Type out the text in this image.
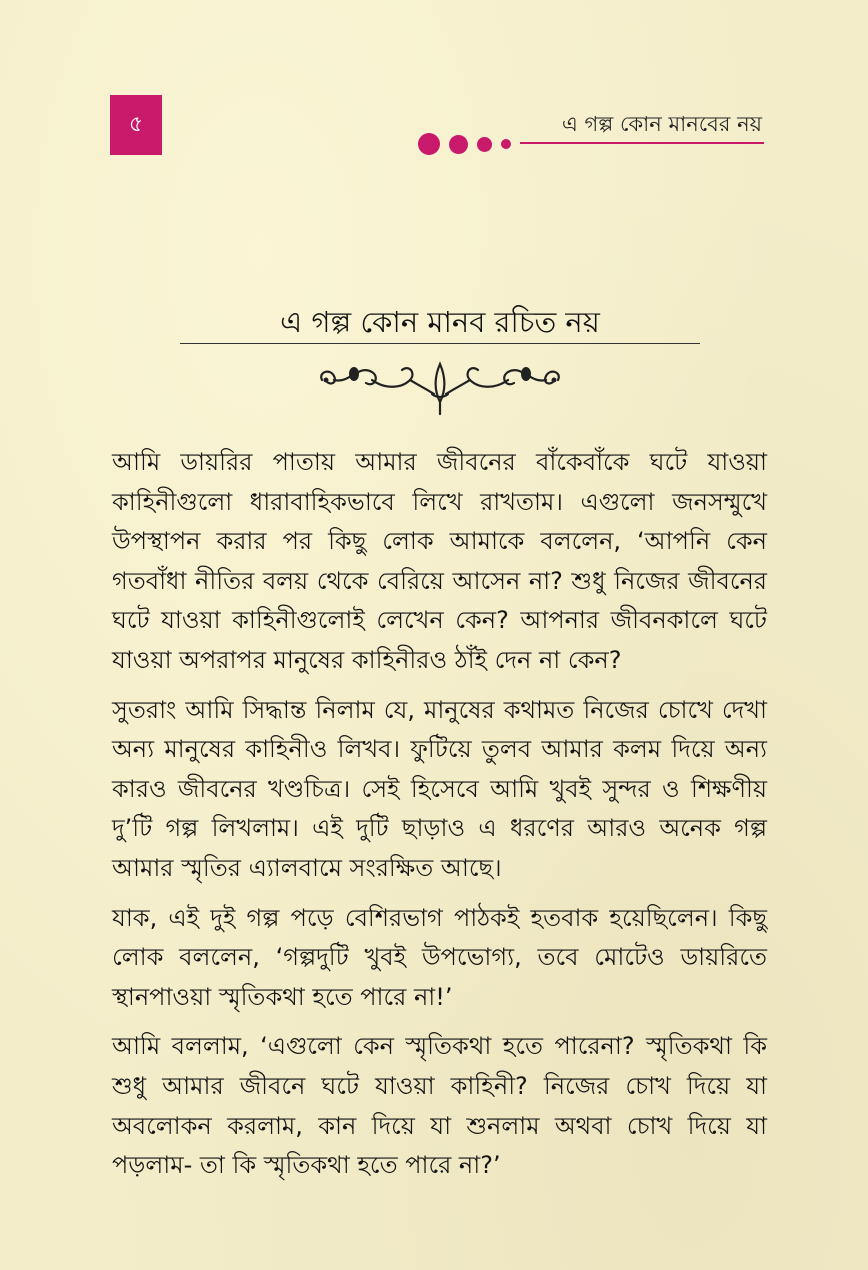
৫	এ গল্প কোন মানবের নয়
এ গল্প কোন মানব রচিত নয়

আমি ডায়রির পাতায় আমার জীবনের বাঁকেবাঁকে ঘটে যাওয়া কাহিনীগুলো ধারাবাহিকভাবে লিখে রাখতাম। এগুলো জনসম্মুখে উপস্থাপন করার পর কিছু লোক আমাকে বললেন, ‘আপনি কেন গতবাঁধা নীতির বলয় থেকে বেরিয়ে আসেন না? শুধু নিজের জীবনের ঘটে যাওয়া কাহিনীগুলোই লেখেন কেন? আপনার জীবনকালে ঘটে যাওয়া অপরাপর মানুষের কাহিনীরও ঠাঁই দেন না কেন?

সুতরাং আমি সিদ্ধান্ত নিলাম যে, মানুষের কথামত নিজের চোখে দেখা অন্য মানুষের কাহিনীও লিখব। ফুটিয়ে তুলব আমার কলম দিয়ে অন্য কারও জীবনের খণ্ডচিত্র। সেই হিসেবে আমি খুবই সুন্দর ও শিক্ষণীয় দু’টি গল্প লিখলাম। এই দুটি ছাড়াও এ ধরণের আরও অনেক গল্প আমার স্মৃতির এ্যালবামে সংরক্ষিত আছে।

যাক, এই দুই গল্প পড়ে বেশিরভাগ পাঠকই হতবাক হয়েছিলেন। কিছু লোক বললেন, ‘গল্পদুটি খুবই উপভোগ্য, তবে মোটেও ডায়রিতে স্থানপাওয়া স্মৃতিকথা হতে পারে না!’

আমি বললাম, ‘এগুলো কেন স্মৃতিকথা হতে পারেনা? স্মৃতিকথা কি শুধু আমার জীবনে ঘটে যাওয়া কাহিনী? নিজের চোখ দিয়ে যা অবলোকন করলাম, কান দিয়ে যা শুনলাম অথবা চোখ দিয়ে যা পড়লাম- তা কি স্মৃতিকথা হতে পারে না?’
